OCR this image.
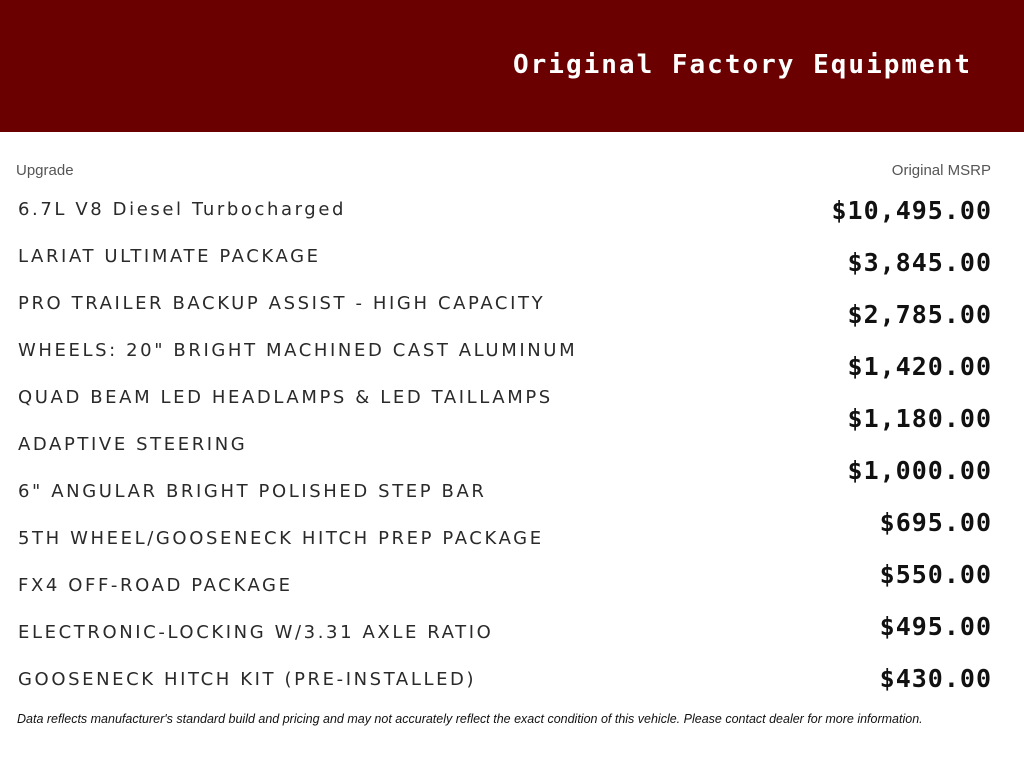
Original Factory Equipment
Upgrade	Original MSRP
6.7L V8 Diesel Turbocharged
LARIAT ULTIMATE PACKAGE
PRO TRAILER BACKUP ASSIST - HIGH CAPACITY
WHEELS: 20" BRIGHT MACHINED CAST ALUMINUM
QUAD BEAM LED HEADLAMPS & LED TAILLAMPS
ADAPTIVE STEERING
6" ANGULAR BRIGHT POLISHED STEP BAR
5TH WHEEL/GOOSENECK HITCH PREP PACKAGE
FX4 OFF-ROAD PACKAGE
ELECTRONIC-LOCKING W/3.31 AXLE RATIO
GOOSENECK HITCH KIT (PRE-INSTALLED)
$10,495.00
$3,845.00
$2,785.00
$1,420.00
$1,180.00
$1,000.00
$695.00
$550.00
$495.00
$430.00
Data reflects manufacturer's standard build and pricing and may not accurately reflect the exact condition of this vehicle. Please contact dealer for more information.
